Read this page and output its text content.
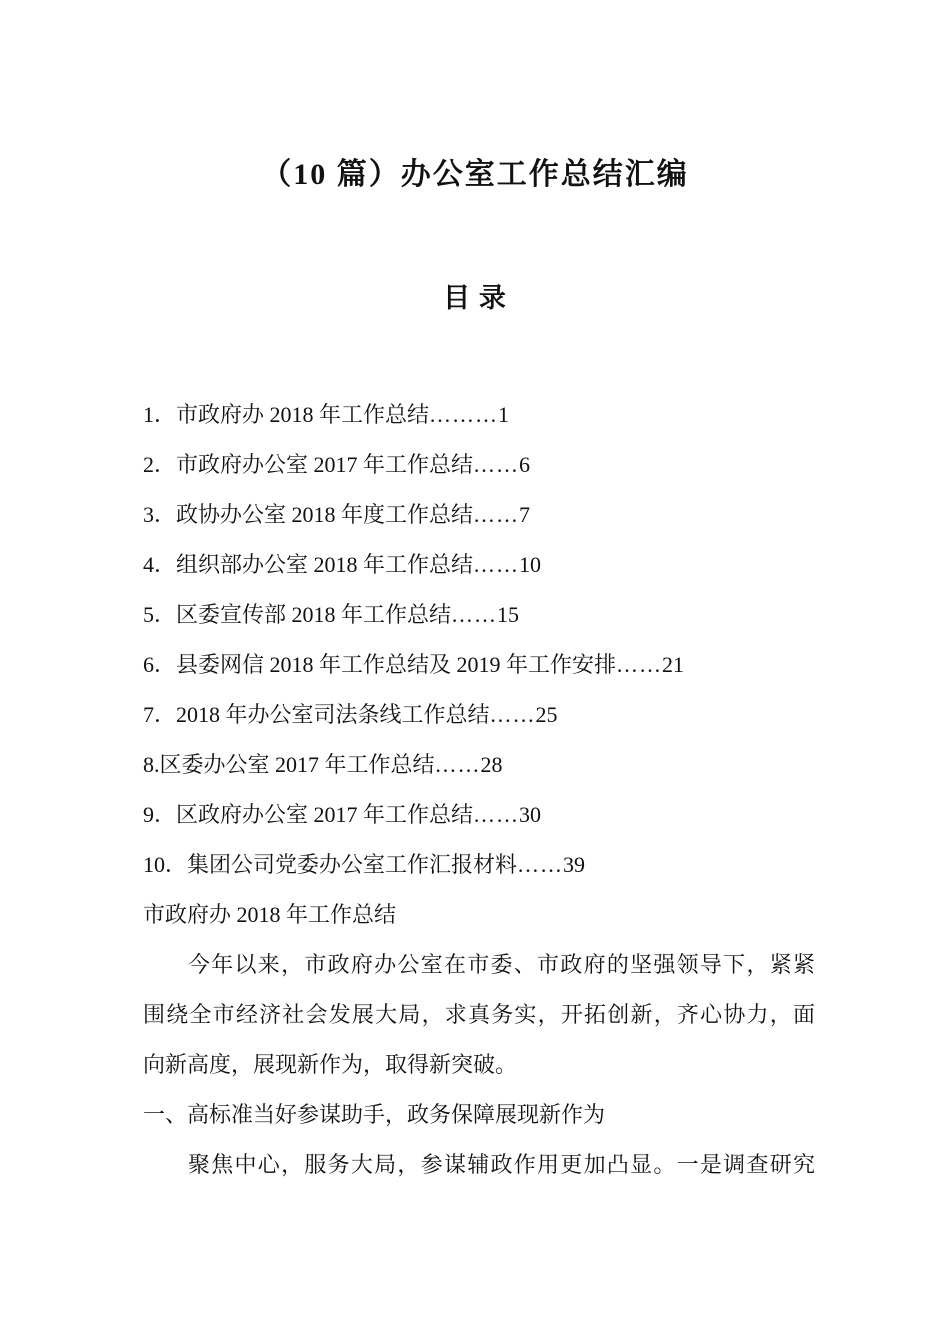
（10 篇）办公室工作总结汇编
目 录
1．市政府办 2018 年工作总结………1
2．市政府办公室 2017 年工作总结……6
3．政协办公室 2018 年度工作总结……7
4．组织部办公室 2018 年工作总结……10
5．区委宣传部 2018 年工作总结……15
6．县委网信 2018 年工作总结及 2019 年工作安排……21
7．2018 年办公室司法条线工作总结……25
8.区委办公室 2017 年工作总结……28
9．区政府办公室 2017 年工作总结……30
10．集团公司党委办公室工作汇报材料……39
市政府办 2018 年工作总结
今年以来，市政府办公室在市委、市政府的坚强领导下，紧紧
围绕全市经济社会发展大局，求真务实，开拓创新，齐心协力，面
向新高度，展现新作为，取得新突破。
一、高标准当好参谋助手，政务保障展现新作为
聚焦中心，服务大局，参谋辅政作用更加凸显。一是调查研究
